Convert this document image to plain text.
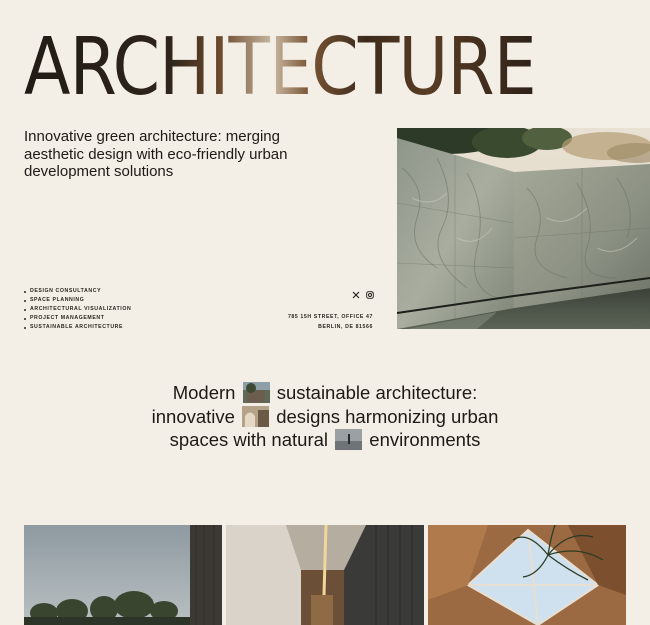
ARCHITECTURE

Innovative green architecture: merging aesthetic design with eco-friendly urban development solutions

DESIGN CONSULTANCY
SPACE PLANNING
ARCHITECTURAL VISUALIZATION
PROJECT MANAGEMENT
SUSTAINABLE ARCHITECTURE
785 15H STREET, OFFICE 47
BERLIN, DE 81566

Modern sustainable architecture: innovative designs harmonizing urban spaces with natural environments
